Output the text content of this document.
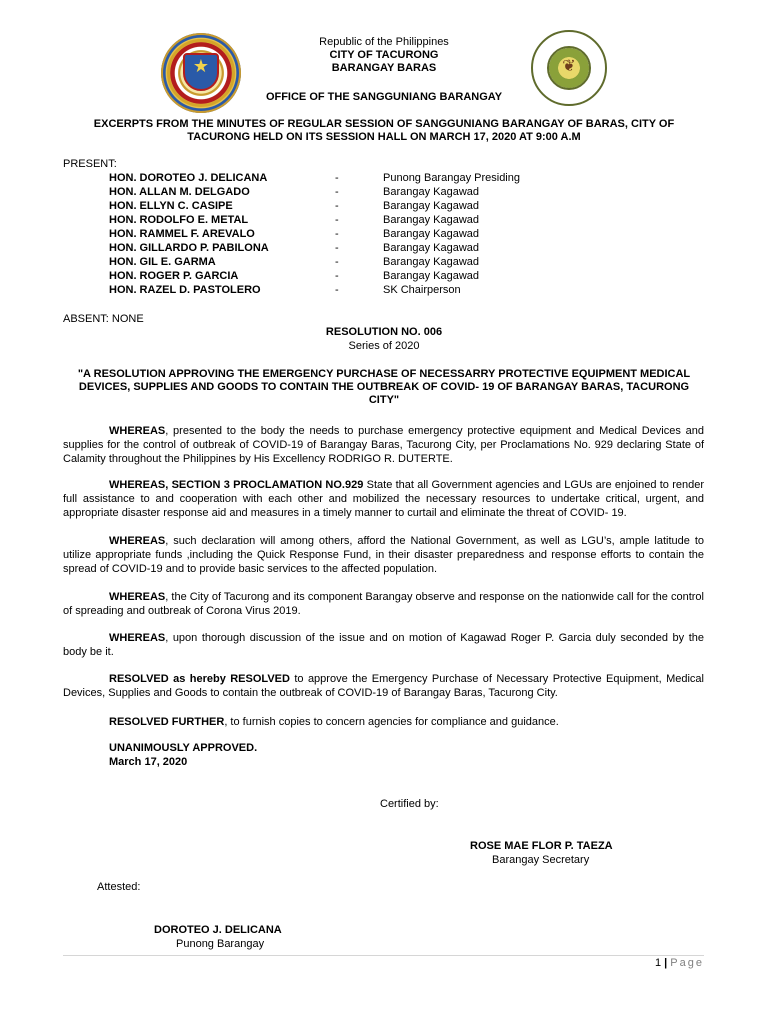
★	❦
Republic of the Philippines
CITY OF TACURONG
BARANGAY BARAS
OFFICE OF THE SANGGUNIANG BARANGAY
EXCERPTS FROM THE MINUTES OF REGULAR SESSION OF SANGGUNIANG BARANGAY OF BARAS, CITY OF
TACURONG HELD ON ITS SESSION HALL ON MARCH 17, 2020 AT 9:00 A.M
PRESENT:
HON. DOROTEO J. DELICANA	-	Punong Barangay Presiding
HON. ALLAN M. DELGADO	-	Barangay Kagawad
HON. ELLYN C. CASIPE	-	Barangay Kagawad
HON. RODOLFO E. METAL	-	Barangay Kagawad
HON. RAMMEL F. AREVALO	-	Barangay Kagawad
HON. GILLARDO P. PABILONA	-	Barangay Kagawad
HON. GIL E. GARMA	-	Barangay Kagawad
HON. ROGER P. GARCIA	-	Barangay Kagawad
HON. RAZEL D. PASTOLERO	-	SK Chairperson
ABSENT: NONE
RESOLUTION NO. 006
Series of 2020
"A RESOLUTION APPROVING THE EMERGENCY PURCHASE OF NECESSARRY PROTECTIVE EQUIPMENT MEDICAL
DEVICES, SUPPLIES AND GOODS TO CONTAIN THE OUTBREAK OF COVID- 19 OF BARANGAY BARAS, TACURONG
CITY"
WHEREAS, presented to the body the needs to purchase emergency protective equipment and Medical Devices and supplies for the control of outbreak of COVID-19 of Barangay Baras, Tacurong City, per Proclamations No. 929 declaring State of Calamity throughout the Philippines by His Excellency RODRIGO R. DUTERTE.
WHEREAS, SECTION 3 PROCLAMATION NO.929 State that all Government agencies and LGUs are enjoined to render full assistance to and cooperation with each other and mobilized the necessary resources to undertake critical, urgent, and appropriate disaster response aid and measures in a timely manner to curtail and eliminate the threat of COVID- 19.
WHEREAS, such declaration will among others, afford the National Government, as well as LGU’s, ample latitude to utilize appropriate funds ,including the Quick Response Fund, in their disaster preparedness and response efforts to contain the spread of COVID-19 and to provide basic services to the affected population.
WHEREAS, the City of Tacurong and its component Barangay observe and response on the nationwide call for the control of spreading and outbreak of Corona Virus 2019.
WHEREAS, upon thorough discussion of the issue and on motion of Kagawad Roger P. Garcia duly seconded by the body be it.
RESOLVED as hereby RESOLVED to approve the Emergency Purchase of Necessary Protective Equipment, Medical Devices, Supplies and Goods to contain the outbreak of COVID-19 of Barangay Baras, Tacurong City.
RESOLVED FURTHER, to furnish copies to concern agencies for compliance and guidance.
UNANIMOUSLY APPROVED.
March 17, 2020
Certified by:
ROSE MAE FLOR P. TAEZA
Barangay Secretary
Attested:
DOROTEO J. DELICANA
Punong Barangay
1 | Page
